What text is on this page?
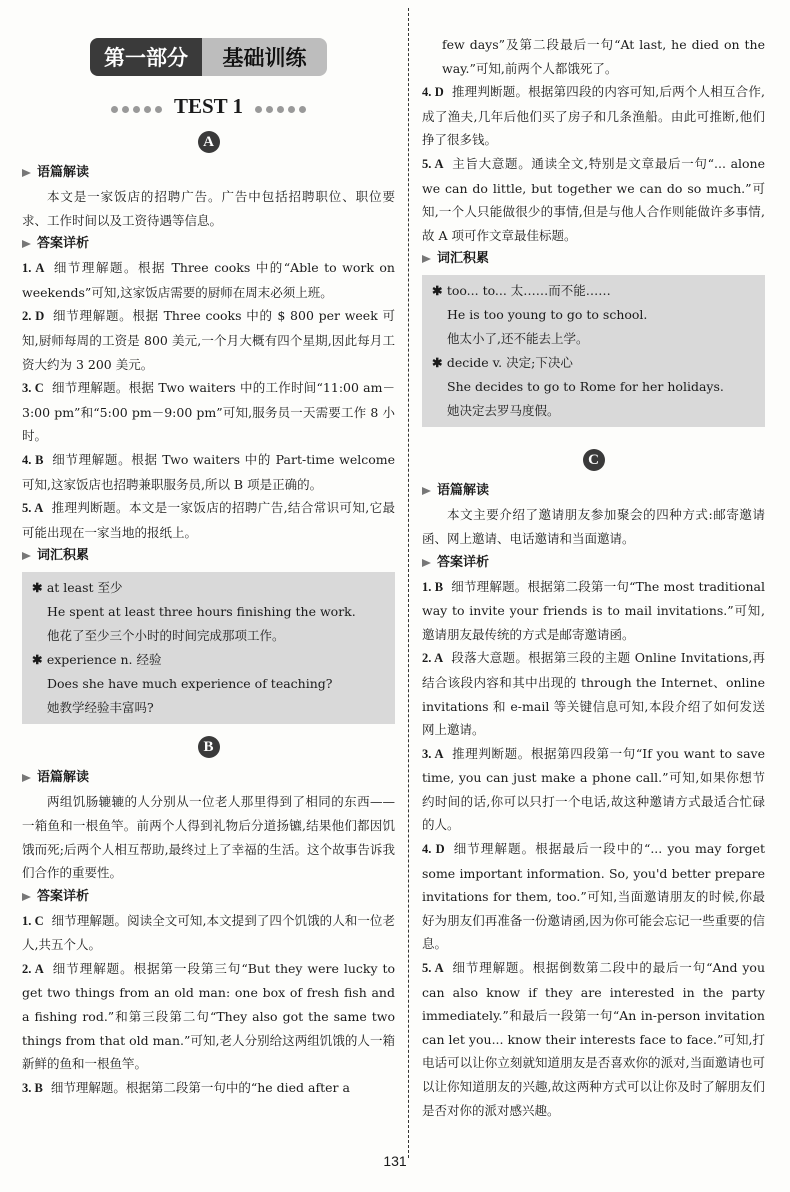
第一部分	基础训练
TEST 1
A
语篇解读

本文是一家饭店的招聘广告。广告中包括招聘职位、职位要求、工作时间以及工资待遇等信息。

答案详析
1. A 细节理解题。根据 Three cooks 中的“Able to work on weekends”可知,这家饭店需要的厨师在周末必须上班。
2. D 细节理解题。根据 Three cooks 中的 $ 800 per week 可知,厨师每周的工资是 800 美元,一个月大概有四个星期,因此每月工资大约为 3 200 美元。
3. C 细节理解题。根据 Two waiters 中的工作时间“11:00 am－3:00 pm”和“5:00 pm－9:00 pm”可知,服务员一天需要工作 8 小时。
4. B 细节理解题。根据 Two waiters 中的 Part-time welcome 可知,这家饭店也招聘兼职服务员,所以 B 项是正确的。
5. A 推理判断题。本文是一家饭店的招聘广告,结合常识可知,它最可能出现在一家当地的报纸上。
词汇积累
✱ at least 至少
He spent at least three hours finishing the work.
他花了至少三个小时的时间完成那项工作。
✱ experience n. 经验
Does she have much experience of teaching?
她教学经验丰富吗?
B
语篇解读

两组饥肠辘辘的人分别从一位老人那里得到了相同的东西——一箱鱼和一根鱼竿。前两个人得到礼物后分道扬镳,结果他们都因饥饿而死;后两个人相互帮助,最终过上了幸福的生活。这个故事告诉我们合作的重要性。

答案详析
1. C 细节理解题。阅读全文可知,本文提到了四个饥饿的人和一位老人,共五个人。
2. A 细节理解题。根据第一段第三句“But they were lucky to get two things from an old man: one box of fresh fish and a fishing rod.”和第三段第二句“They also got the same two things from that old man.”可知,老人分别给这两组饥饿的人一箱新鲜的鱼和一根鱼竿。
3. B 细节理解题。根据第二段第一句中的“he died after a

few days”及第二段最后一句“At last, he died on the way.”可知,前两个人都饿死了。

4. D 推理判断题。根据第四段的内容可知,后两个人相互合作,成了渔夫,几年后他们买了房子和几条渔船。由此可推断,他们挣了很多钱。
5. A 主旨大意题。通读全文,特别是文章最后一句“... alone we can do little, but together we can do so much.”可知,一个人只能做很少的事情,但是与他人合作则能做许多事情,故 A 项可作文章最佳标题。
词汇积累
✱ too... to... 太……而不能……
He is too young to go to school.
他太小了,还不能去上学。
✱ decide v. 决定;下决心
She decides to go to Rome for her holidays.
她决定去罗马度假。
C
语篇解读

本文主要介绍了邀请朋友参加聚会的四种方式:邮寄邀请函、网上邀请、电话邀请和当面邀请。

答案详析
1. B 细节理解题。根据第二段第一句“The most traditional way to invite your friends is to mail invitations.”可知,邀请朋友最传统的方式是邮寄邀请函。
2. A 段落大意题。根据第三段的主题 Online Invitations,再结合该段内容和其中出现的 through the Internet、online invitations 和 e-mail 等关键信息可知,本段介绍了如何发送网上邀请。
3. A 推理判断题。根据第四段第一句“If you want to save time, you can just make a phone call.”可知,如果你想节约时间的话,你可以只打一个电话,故这种邀请方式最适合忙碌的人。
4. D 细节理解题。根据最后一段中的“... you may forget some important information. So, you'd better prepare invitations for them, too.”可知,当面邀请朋友的时候,你最好为朋友们再准备一份邀请函,因为你可能会忘记一些重要的信息。
5. A 细节理解题。根据倒数第二段中的最后一句“And you can also know if they are interested in the party immediately.”和最后一段第一句“An in-person invitation can let you... know their interests face to face.”可知,打电话可以让你立刻就知道朋友是否喜欢你的派对,当面邀请也可以让你知道朋友的兴趣,故这两种方式可以让你及时了解朋友们是否对你的派对感兴趣。
131
